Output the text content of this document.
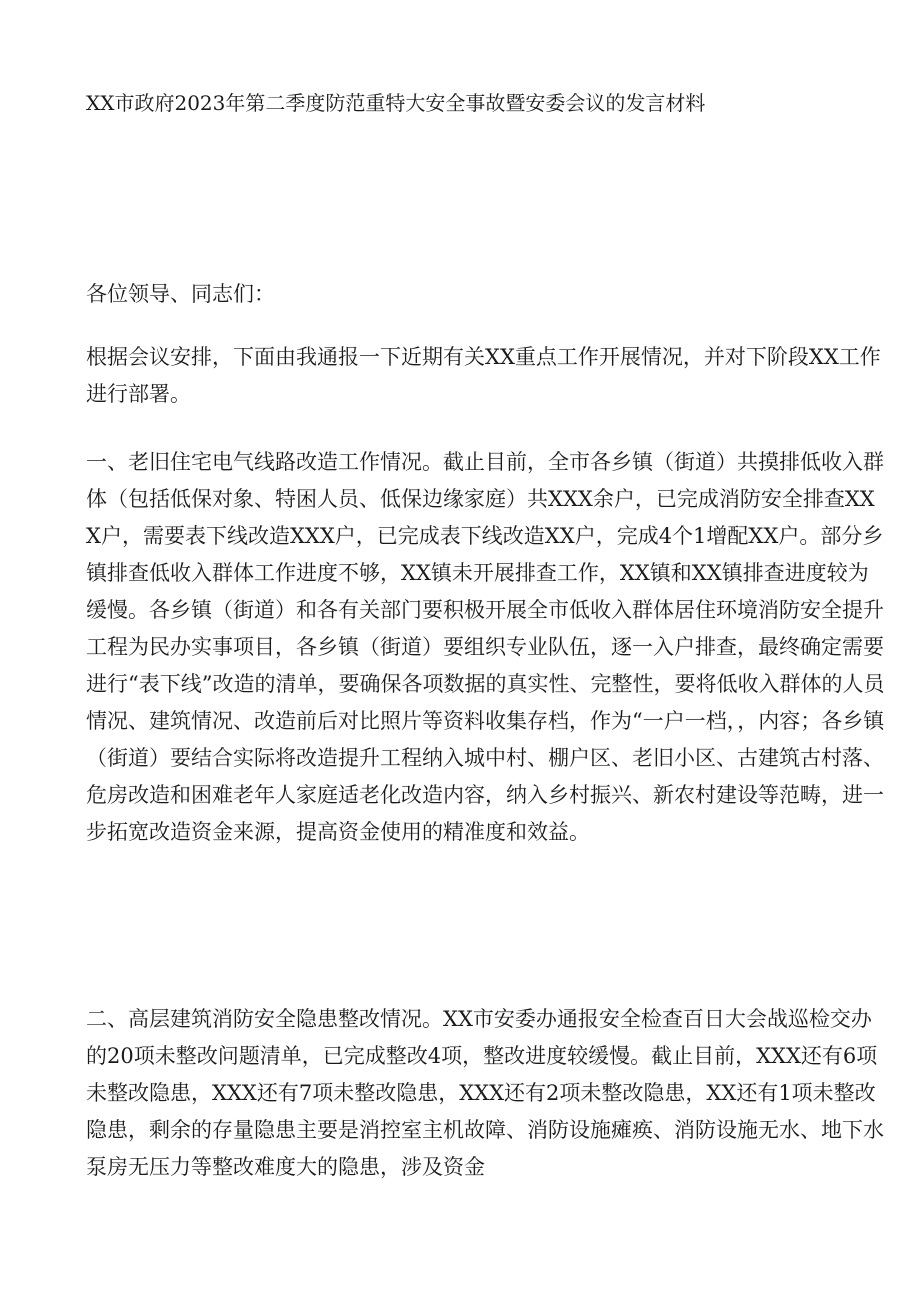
XX市政府2023年第二季度防范重特大安全事故暨安委会议的发言材料

各位领导、同志们：

根据会议安排，下面由我通报一下近期有关XX重点工作开展情况，并对下阶段XX工作进行部署。

一、老旧住宅电气线路改造工作情况。截止目前，全市各乡镇（街道）共摸排低收入群体（包括低保对象、特困人员、低保边缘家庭）共XXX余户，已完成消防安全排查XXX户，需要表下线改造XXX户，已完成表下线改造XX户，完成4个1增配XX户。部分乡镇排查低收入群体工作进度不够，XX镇未开展排查工作，XX镇和XX镇排查进度较为缓慢。各乡镇（街道）和各有关部门要积极开展全市低收入群体居住环境消防安全提升工程为民办实事项目，各乡镇（街道）要组织专业队伍，逐一入户排查，最终确定需要进行“表下线”改造的清单，要确保各项数据的真实性、完整性，要将低收入群体的人员情况、建筑情况、改造前后对比照片等资料收集存档，作为“一户一档，，内容；各乡镇（街道）要结合实际将改造提升工程纳入城中村、棚户区、老旧小区、古建筑古村落、危房改造和困难老年人家庭适老化改造内容，纳入乡村振兴、新农村建设等范畴，进一步拓宽改造资金来源，提高资金使用的精准度和效益。

二、高层建筑消防安全隐患整改情况。XX市安委办通报安全检查百日大会战巡检交办的20项未整改问题清单，已完成整改4项，整改进度较缓慢。截止目前，XXX还有6项未整改隐患，XXX还有7项未整改隐患，XXX还有2项未整改隐患，XX还有1项未整改隐患，剩余的存量隐患主要是消控室主机故障、消防设施瘫痪、消防设施无水、地下水泵房无压力等整改难度大的隐患，涉及资金
